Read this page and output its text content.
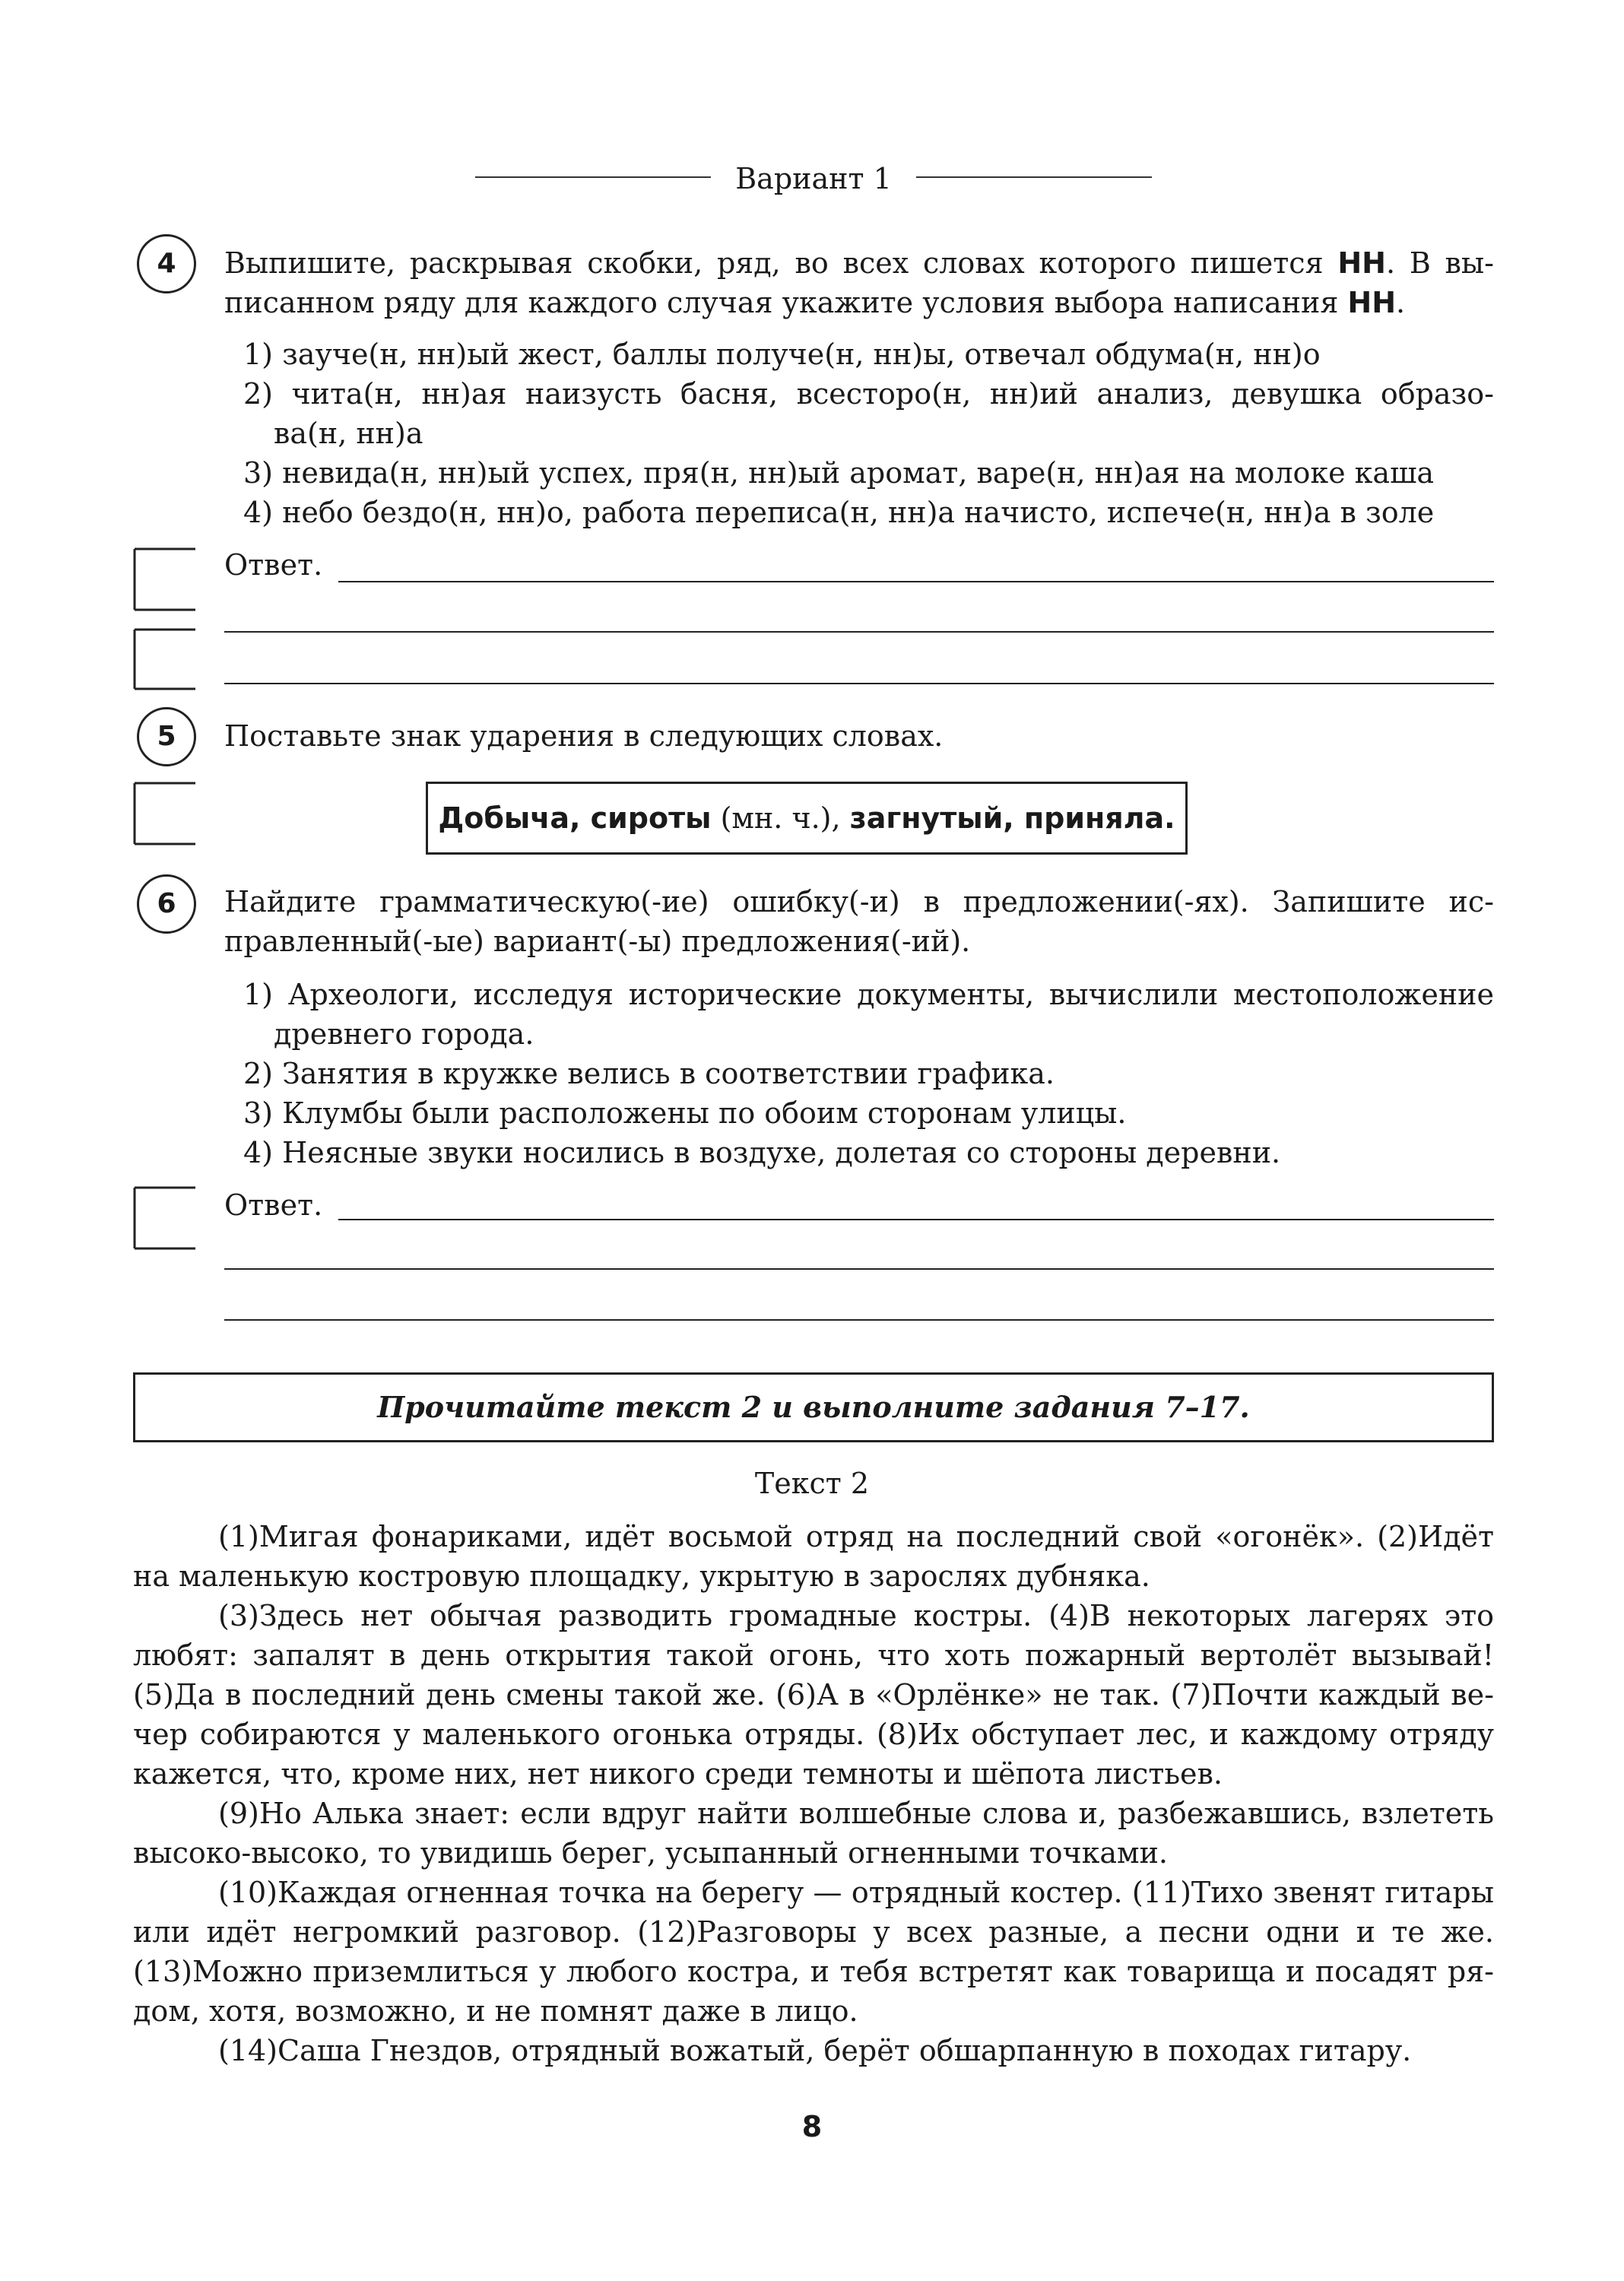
Вариант 1
4	Выпишите, раскрывая скобки, ряд, во всех словах которого пишется НН. В выписанном ряду для каждого случая укажите условия выбора написания НН.
1) зауче(н, нн)ый жест, баллы получе(н, нн)ы, отвечал обдума(н, нн)о
2) чита(н, нн)ая наизусть басня, всесторо(н, нн)ий анализ, девушка образо-
ва(н, нн)а
3) невида(н, нн)ый успех, пря(н, нн)ый аромат, варе(н, нн)ая на молоке каша
4) небо бездо(н, нн)о, работа переписа(н, нн)а начисто, испече(н, нн)а в золе
Ответ.
5	Поставьте знак ударения в следующих словах.
Добыча, сироты (мн. ч.), загнутый, приняла.
6	Найдите грамматическую(-ие) ошибку(-и) в предложении(-ях). Запишите исправленный(-ые) вариант(-ы) предложения(-ий).
1) Археологи, исследуя исторические документы, вычислили местоположение
древнего города.
2) Занятия в кружке велись в соответствии графика.
3) Клумбы были расположены по обоим сторонам улицы.
4) Неясные звуки носились в воздухе, долетая со стороны деревни.
Ответ.
Прочитайте текст 2 и выполните задания 7–17.
Текст 2

(1)Мигая фонариками, идёт восьмой отряд на последний свой «огонёк». (2)Идёт на маленькую костровую площадку, укрытую в зарослях дубняка.

(3)Здесь нет обычая разводить громадные костры. (4)В некоторых лагерях это любят: запалят в день открытия такой огонь, что хоть пожарный вертолёт вызывай! (5)Да в последний день смены такой же. (6)А в «Орлёнке» не так. (7)Почти каждый вечер собираются у маленького огонька отряды. (8)Их обступает лес, и каждому отряду кажется, что, кроме них, нет никого среди темноты и шёпота листьев.

(9)Но Алька знает: если вдруг найти волшебные слова и, разбежавшись, взлететь высоко-высоко, то увидишь берег, усыпанный огненными точками.

(10)Каждая огненная точка на берегу — отрядный костер. (11)Тихо звенят гитары или идёт негромкий разговор. (12)Разговоры у всех разные, а песни одни и те же. (13)Можно приземлиться у любого костра, и тебя встретят как товарища и посадят рядом, хотя, возможно, и не помнят даже в лицо.

(14)Саша Гнездов, отрядный вожатый, берёт обшарпанную в походах гитару.

8
